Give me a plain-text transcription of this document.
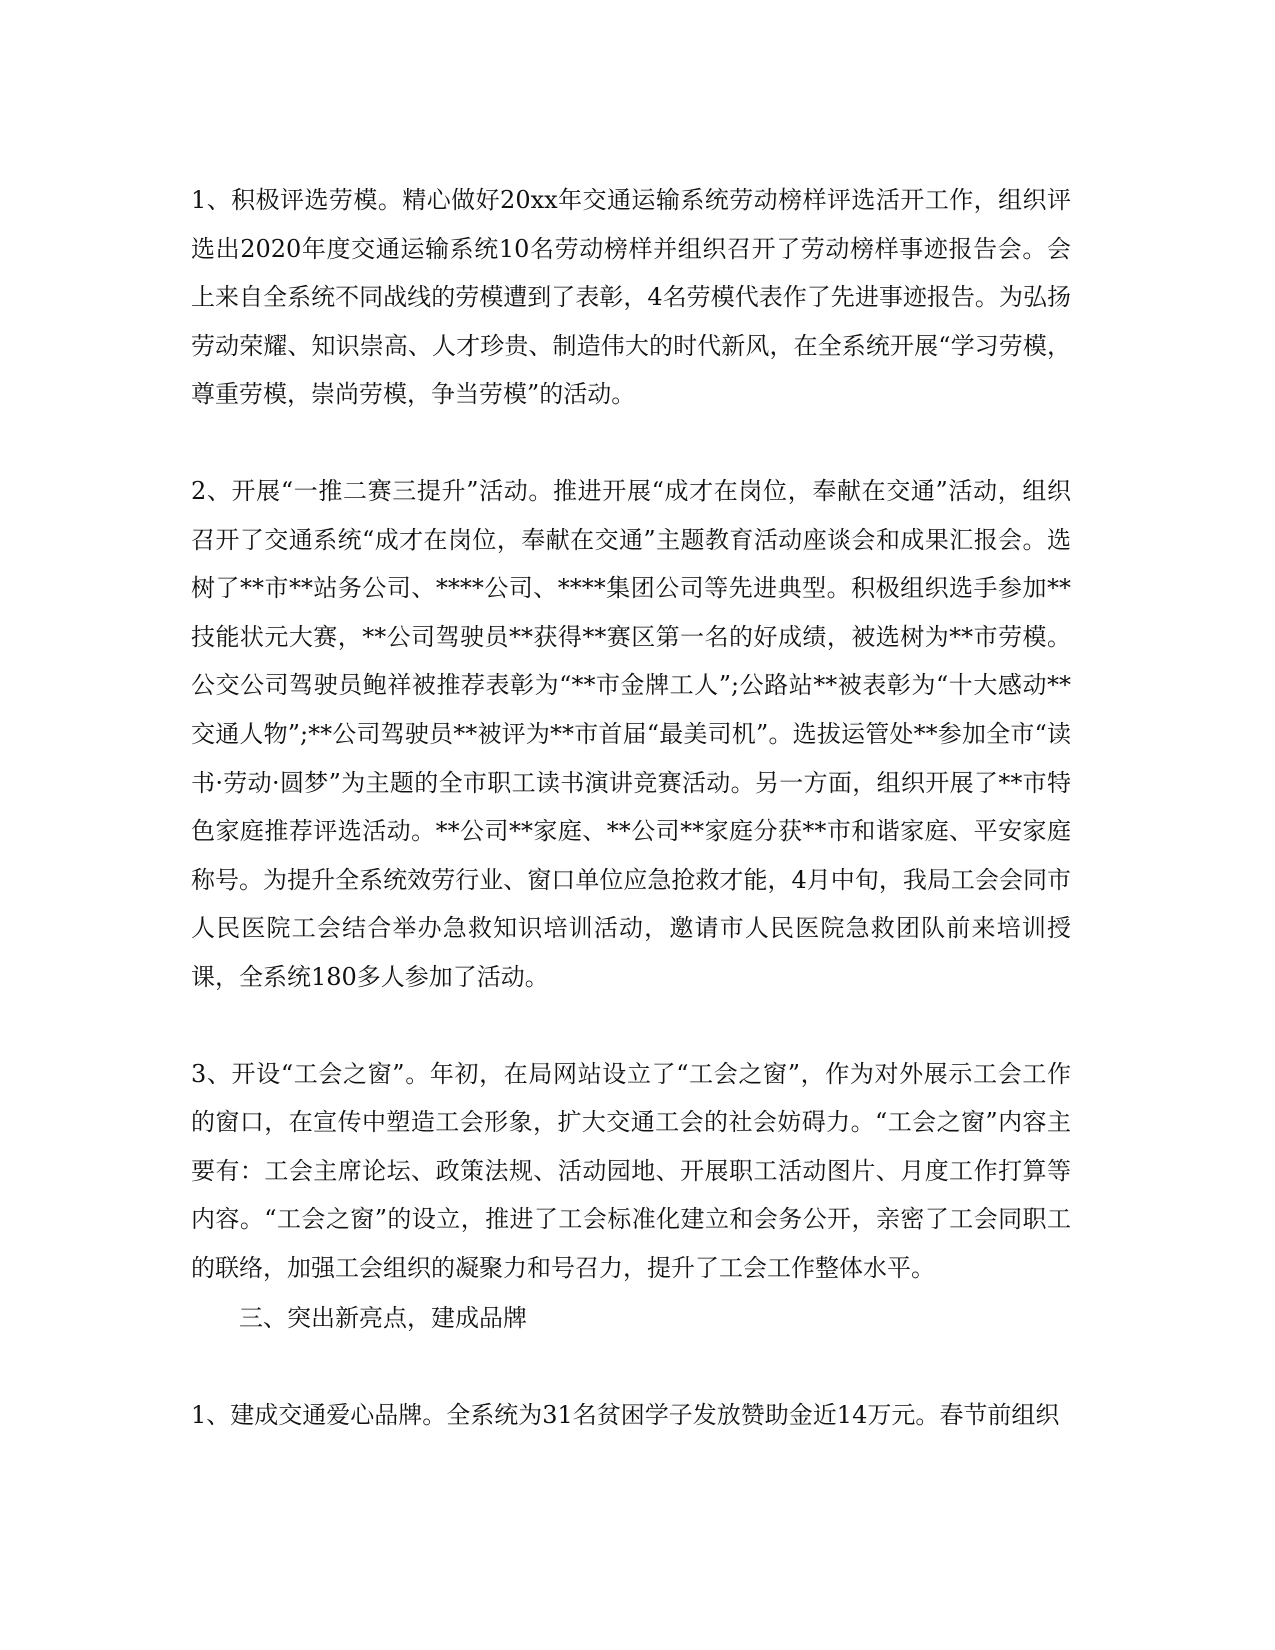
1、积极评选劳模。精心做好20xx年交通运输系统劳动榜样评选活开工作，组织评选出2020年度交通运输系统10名劳动榜样并组织召开了劳动榜样事迹报告会。会上来自全系统不同战线的劳模遭到了表彰，4名劳模代表作了先进事迹报告。为弘扬劳动荣耀、知识崇高、人才珍贵、制造伟大的时代新风，在全系统开展“学习劳模，尊重劳模，崇尚劳模，争当劳模”的活动。

2、开展“一推二赛三提升”活动。推进开展“成才在岗位，奉献在交通”活动，组织召开了交通系统“成才在岗位，奉献在交通”主题教育活动座谈会和成果汇报会。选树了**市**站务公司、****公司、****集团公司等先进典型。积极组织选手参加**技能状元大赛，**公司驾驶员**获得**赛区第一名的好成绩，被选树为**市劳模。公交公司驾驶员鲍祥被推荐表彰为“**市金牌工人”;公路站**被表彰为“十大感动**交通人物”;**公司驾驶员**被评为**市首届“最美司机”。选拔运管处**参加全市“读书·劳动·圆梦”为主题的全市职工读书演讲竞赛活动。另一方面，组织开展了**市特色家庭推荐评选活动。**公司**家庭、**公司**家庭分获**市和谐家庭、平安家庭称号。为提升全系统效劳行业、窗口单位应急抢救才能，4月中旬，我局工会会同市人民医院工会结合举办急救知识培训活动，邀请市人民医院急救团队前来培训授课，全系统180多人参加了活动。

3、开设“工会之窗”。年初，在局网站设立了“工会之窗”，作为对外展示工会工作的窗口，在宣传中塑造工会形象，扩大交通工会的社会妨碍力。“工会之窗”内容主要有：工会主席论坛、政策法规、活动园地、开展职工活动图片、月度工作打算等内容。“工会之窗”的设立，推进了工会标准化建立和会务公开，亲密了工会同职工的联络，加强工会组织的凝聚力和号召力，提升了工会工作整体水平。

三、突出新亮点，建成品牌

1、建成交通爱心品牌。全系统为31名贫困学子发放赞助金近14万元。春节前组织
